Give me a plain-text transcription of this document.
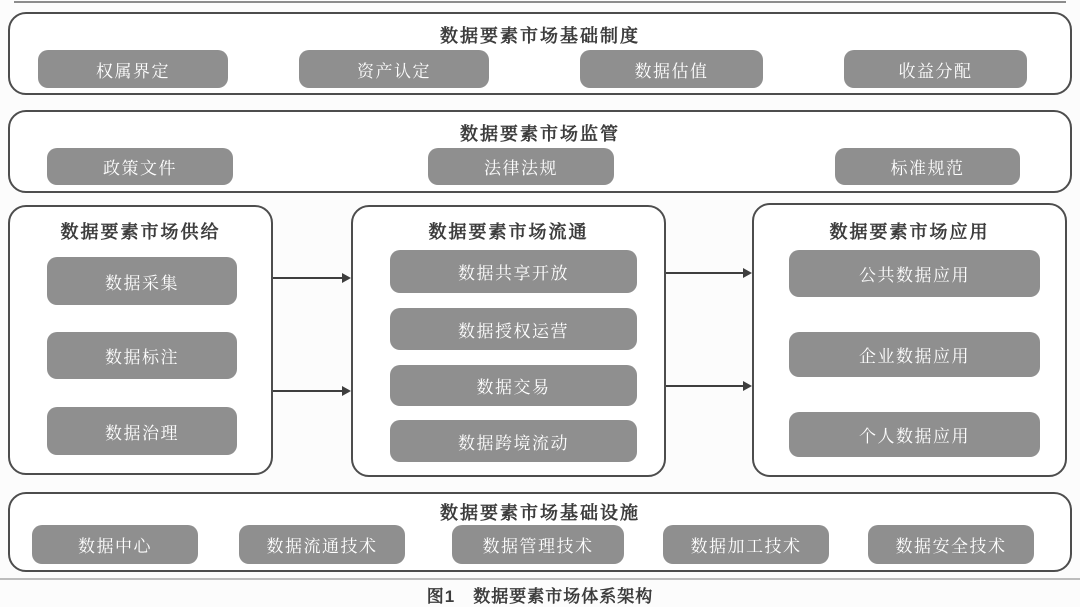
数据要素市场基础制度
权属界定	资产认定	数据估值	收益分配
数据要素市场监管
政策文件	法律法规	标准规范
数据要素市场供给
数据采集
数据标注
数据治理
数据要素市场流通
数据共享开放
数据授权运营
数据交易
数据跨境流动
数据要素市场应用
公共数据应用
企业数据应用
个人数据应用
数据要素市场基础设施
数据中心	数据流通技术	数据管理技术	数据加工技术	数据安全技术
图1　数据要素市场体系架构
